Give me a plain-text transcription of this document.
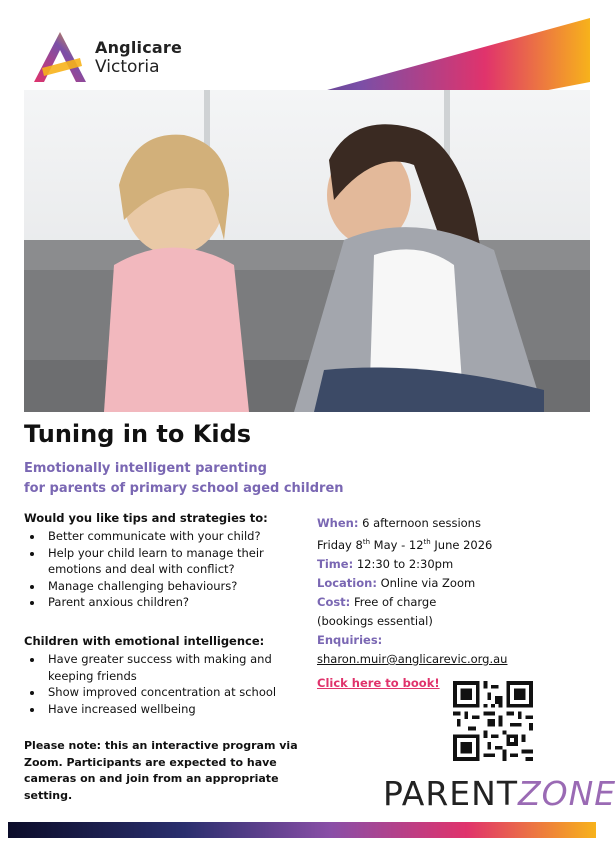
Anglicare
Victoria
Tuning in to Kids
Emotionally intelligent parenting
for parents of primary school aged children
Would you like tips and strategies to:
• Better communicate with your child?
• Help your child learn to manage their emotions and deal with conflict?
• Manage challenging behaviours?
• Parent anxious children?
Children with emotional intelligence:
• Have greater success with making and keeping friends
• Show improved concentration at school
• Have increased wellbeing
Please note: this an interactive program via Zoom. Participants are expected to have cameras on and join from an appropriate setting.
When: 6 afternoon sessions
Friday 8th May - 12th June 2026
Time: 12:30 to 2:30pm
Location: Online via Zoom
Cost: Free of charge
(bookings essential)
Enquiries:
sharon.muir@anglicarevic.org.au
Click here to book!
PARENTZONE
